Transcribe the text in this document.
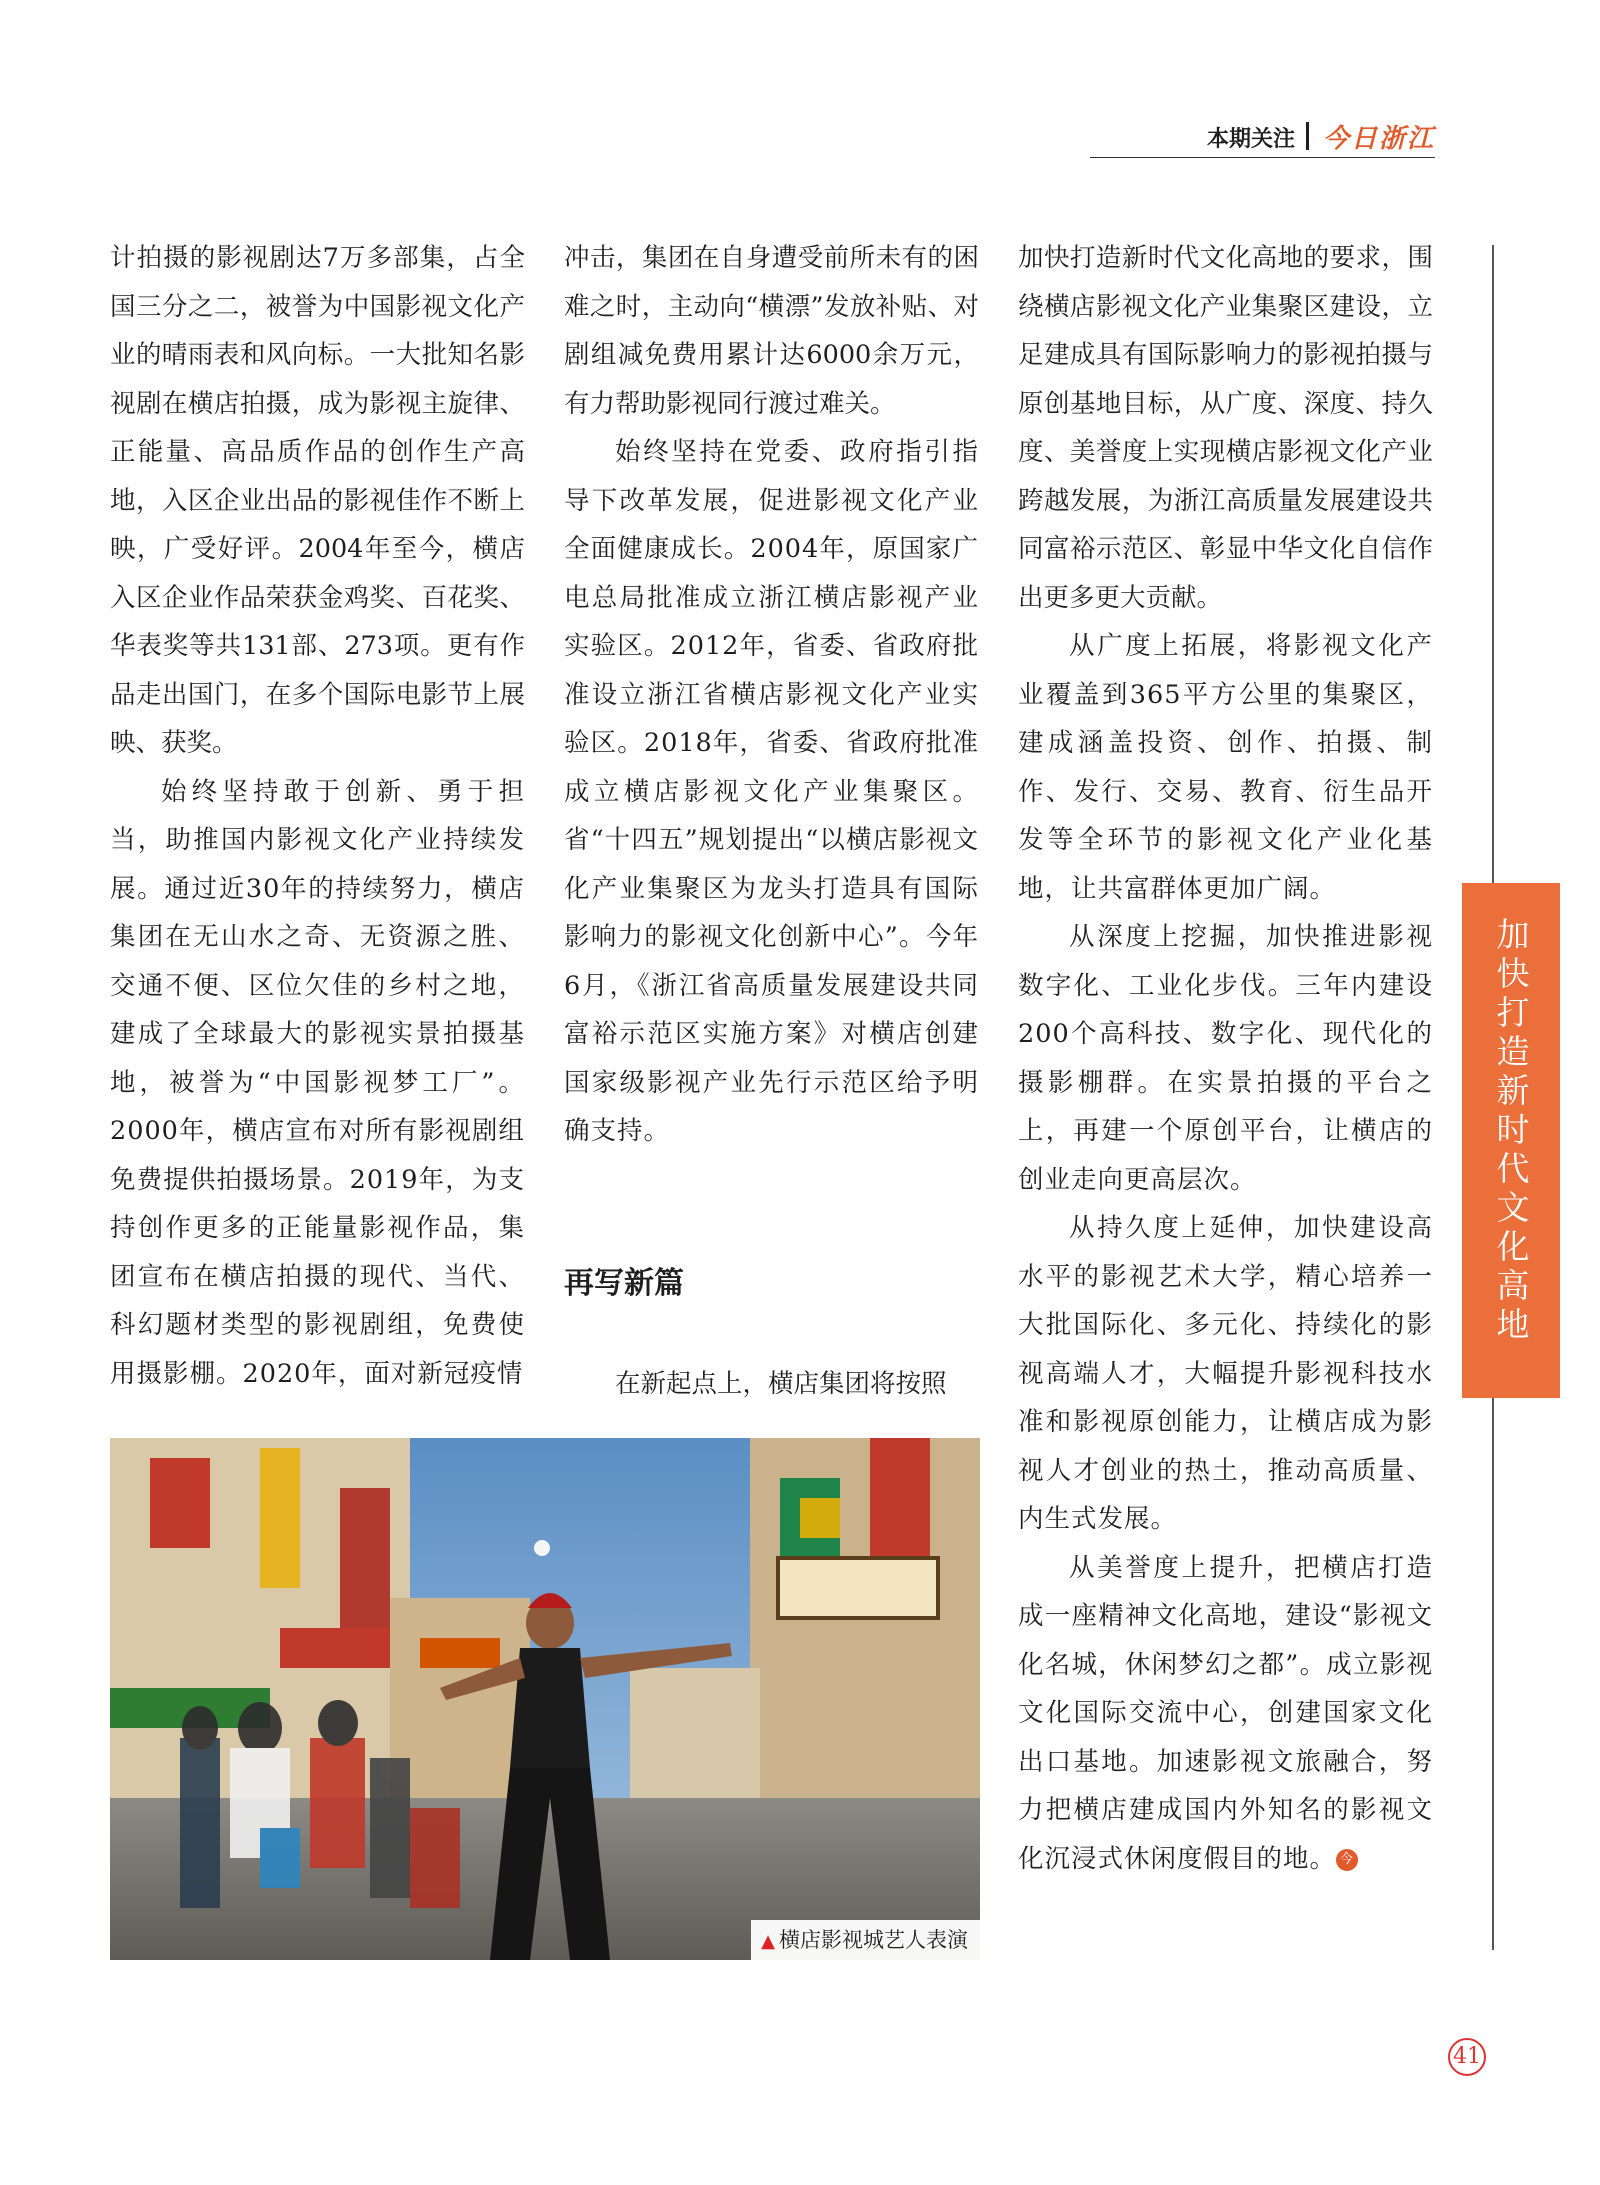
本期关注 今日浙江

计拍摄的影视剧达7万多部集，占全国三分之二，被誉为中国影视文化产业的晴雨表和风向标。一大批知名影视剧在横店拍摄，成为影视主旋律、正能量、高品质作品的创作生产高地，入区企业出品的影视佳作不断上映，广受好评。2004年至今，横店入区企业作品荣获金鸡奖、百花奖、华表奖等共131部、273项。更有作品走出国门，在多个国际电影节上展映、获奖。

始终坚持敢于创新、勇于担当，助推国内影视文化产业持续发展。通过近30年的持续努力，横店集团在无山水之奇、无资源之胜、交通不便、区位欠佳的乡村之地，建成了全球最大的影视实景拍摄基地，被誉为“中国影视梦工厂”。2000年，横店宣布对所有影视剧组免费提供拍摄场景。2019年，为支持创作更多的正能量影视作品，集团宣布在横店拍摄的现代、当代、科幻题材类型的影视剧组，免费使用摄影棚。2020年，面对新冠疫情

冲击，集团在自身遭受前所未有的困难之时，主动向“横漂”发放补贴、对剧组减免费用累计达6000余万元，有力帮助影视同行渡过难关。

始终坚持在党委、政府指引指导下改革发展，促进影视文化产业全面健康成长。2004年，原国家广电总局批准成立浙江横店影视产业实验区。2012年，省委、省政府批准设立浙江省横店影视文化产业实验区。2018年，省委、省政府批准成立横店影视文化产业集聚区。省“十四五”规划提出“以横店影视文化产业集聚区为龙头打造具有国际影响力的影视文化创新中心”。今年6月，《浙江省高质量发展建设共同富裕示范区实施方案》对横店创建国家级影视产业先行示范区给予明确支持。

再写新篇

在新起点上，横店集团将按照

加快打造新时代文化高地的要求，围绕横店影视文化产业集聚区建设，立足建成具有国际影响力的影视拍摄与原创基地目标，从广度、深度、持久度、美誉度上实现横店影视文化产业跨越发展，为浙江高质量发展建设共同富裕示范区、彰显中华文化自信作出更多更大贡献。

从广度上拓展，将影视文化产业覆盖到365平方公里的集聚区，建成涵盖投资、创作、拍摄、制作、发行、交易、教育、衍生品开发等全环节的影视文化产业化基地，让共富群体更加广阔。

从深度上挖掘，加快推进影视数字化、工业化步伐。三年内建设200个高科技、数字化、现代化的摄影棚群。在实景拍摄的平台之上，再建一个原创平台，让横店的创业走向更高层次。

从持久度上延伸，加快建设高水平的影视艺术大学，精心培养一大批国际化、多元化、持续化的影视高端人才，大幅提升影视科技水准和影视原创能力，让横店成为影视人才创业的热土，推动高质量、内生式发展。

从美誉度上提升，把横店打造成一座精神文化高地，建设“影视文化名城，休闲梦幻之都”。成立影视文化国际交流中心，创建国家文化出口基地。加速影视文旅融合，努力把横店建成国内外知名的影视文化沉浸式休闲度假目的地。 今

加快打造新时代文化高地
▲ 横店影视城艺人表演
41
